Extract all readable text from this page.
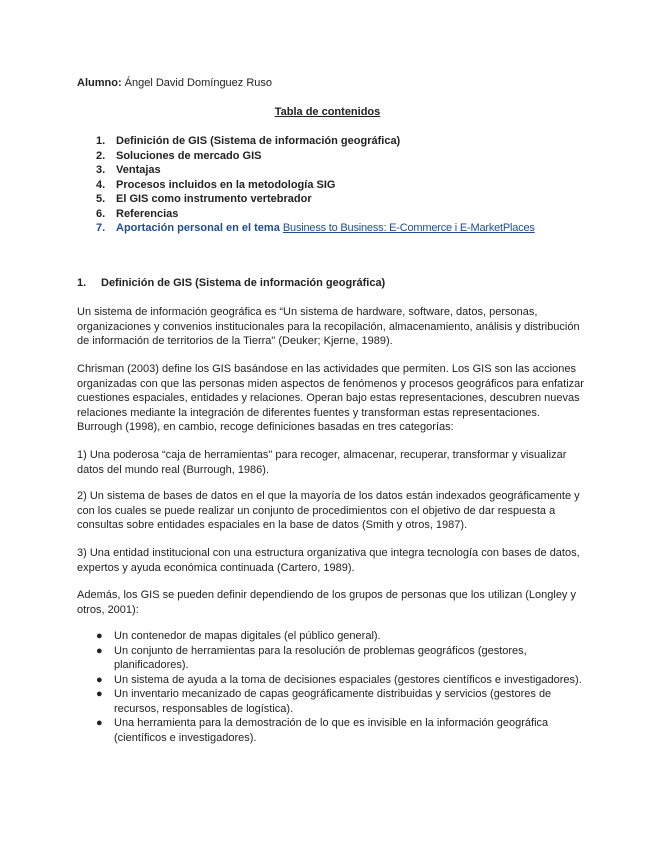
Alumno: Ángel David Domínguez Ruso
Tabla de contenidos
1. Definición de GIS (Sistema de información geográfica)
2. Soluciones de mercado GIS
3. Ventajas
4. Procesos incluidos en la metodología SIG
5. El GIS como instrumento vertebrador
6. Referencias
7. Aportación personal en el tema Business to Business: E-Commerce i E-MarketPlaces
1. Definición de GIS (Sistema de información geográfica)

Un sistema de información geográfica es “Un sistema de hardware, software, datos, personas,
organizaciones y convenios institucionales para la recopilación, almacenamiento, análisis y distribución
de información de territorios de la Tierra" (Deuker; Kjerne, 1989).

Chrisman (2003) define los GIS basándose en las actividades que permiten. Los GIS son las acciones
organizadas con que las personas miden aspectos de fenómenos y procesos geográficos para enfatizar
cuestiones espaciales, entidades y relaciones. Operan bajo estas representaciones, descubren nuevas
relaciones mediante la integración de diferentes fuentes y transforman estas representaciones.
Burrough (1998), en cambio, recoge definiciones basadas en tres categorías:

1) Una poderosa “caja de herramientas" para recoger, almacenar, recuperar, transformar y visualizar
datos del mundo real (Burrough, 1986).

2) Un sistema de bases de datos en el que la mayoría de los datos están indexados geográficamente y
con los cuales se puede realizar un conjunto de procedimientos con el objetivo de dar respuesta a
consultas sobre entidades espaciales en la base de datos (Smith y otros, 1987).

3) Una entidad institucional con una estructura organizativa que integra tecnología con bases de datos,
expertos y ayuda económica continuada (Cartero, 1989).

Además, los GIS se pueden definir dependiendo de los grupos de personas que los utilizan (Longley y
otros, 2001):

● Un contenedor de mapas digitales (el público general).
● Un conjunto de herramientas para la resolución de problemas geográficos (gestores,
planificadores).
● Un sistema de ayuda a la toma de decisiones espaciales (gestores científicos e investigadores).
● Un inventario mecanizado de capas geográficamente distribuidas y servicios (gestores de
recursos, responsables de logística).
● Una herramienta para la demostración de lo que es invisible en la información geográfica
(científicos e investigadores).
